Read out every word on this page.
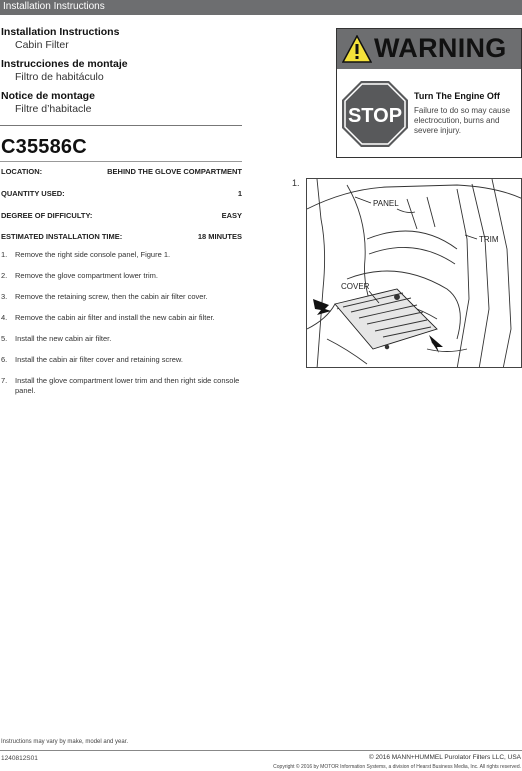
Installation Instructions
Installation Instructions
Cabin Filter
Instrucciones de montaje
Filtro de habitáculo
Notice de montage
Filtre d’habitacle
C35586C
LOCATION:	BEHIND THE GLOVE COMPARTMENT
QUANTITY USED:	1
DEGREE OF DIFFICULTY:	EASY
ESTIMATED INSTALLATION TIME:	18 MINUTES
1. Remove the right side console panel, Figure 1.
2. Remove the glove compartment lower trim.
3. Remove the retaining screw, then the cabin air filter cover.
4. Remove the cabin air filter and install the new cabin air filter.
5. Install the new cabin air filter.
6. Install the cabin air filter cover and retaining screw.
7. Install the glove compartment lower trim and then right side console panel.
WARNING
STOP
Turn The Engine Off
Failure to do so may cause electrocution, burns and severe injury.
1.
PANEL
TRIM
COVER
Instructions may vary by make, model and year.
1240812S01	© 2016 MANN+HUMMEL Purolator Filters LLC, USA
Copyright © 2016 by MOTOR Information Systems, a division of Hearst Business Media, Inc. All rights reserved.
